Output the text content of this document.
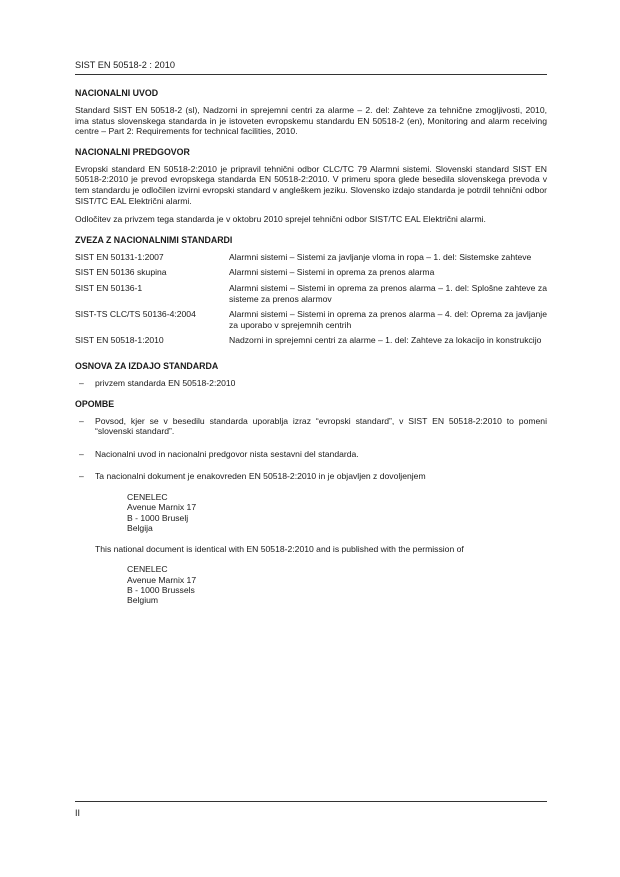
SIST EN 50518-2 : 2010
NACIONALNI UVOD

Standard SIST EN 50518-2 (sl), Nadzorni in sprejemni centri za alarme – 2. del: Zahteve za tehnične zmogljivosti, 2010, ima status slovenskega standarda in je istoveten evropskemu standardu EN 50518-2 (en), Monitoring and alarm receiving centre – Part 2: Requirements for technical facilities, 2010.

NACIONALNI PREDGOVOR

Evropski standard EN 50518-2:2010 je pripravil tehnični odbor CLC/TC 79 Alarmni sistemi. Slovenski standard SIST EN 50518-2:2010 je prevod evropskega standarda EN 50518-2:2010. V primeru spora glede besedila slovenskega prevoda v tem standardu je odločilen izvirni evropski standard v angleškem jeziku. Slovensko izdajo standarda je potrdil tehnični odbor SIST/TC EAL Električni alarmi.

Odločitev za privzem tega standarda je v oktobru 2010 sprejel tehnični odbor SIST/TC EAL Električni alarmi.

ZVEZA Z NACIONALNIMI STANDARDI
SIST EN 50131-1:2007	Alarmni sistemi – Sistemi za javljanje vloma in ropa – 1. del: Sistemske zahteve
SIST EN 50136 skupina	Alarmni sistemi – Sistemi in oprema za prenos alarma
SIST EN 50136-1	Alarmni sistemi – Sistemi in oprema za prenos alarma – 1. del: Splošne zahteve za sisteme za prenos alarmov
SIST-TS CLC/TS 50136-4:2004	Alarmni sistemi – Sistemi in oprema za prenos alarma – 4. del: Oprema za javljanje za uporabo v sprejemnih centrih
SIST EN 50518-1:2010	Nadzorni in sprejemni centri za alarme – 1. del: Zahteve za lokacijo in konstrukcijo
OSNOVA ZA IZDAJO STANDARDA
– privzem standarda EN 50518-2:2010
OPOMBE
– Povsod, kjer se v besedilu standarda uporablja izraz “evropski standard”, v SIST EN 50518-2:2010 to pomeni “slovenski standard”.
– Nacionalni uvod in nacionalni predgovor nista sestavni del standarda.
– Ta nacionalni dokument je enakovreden EN 50518-2:2010 in je objavljen z dovoljenjem
CENELEC
Avenue Marnix 17
B - 1000 Bruselj
Belgija

This national document is identical with EN 50518-2:2010 and is published with the permission of

CENELEC
Avenue Marnix 17
B - 1000 Brussels
Belgium
II
